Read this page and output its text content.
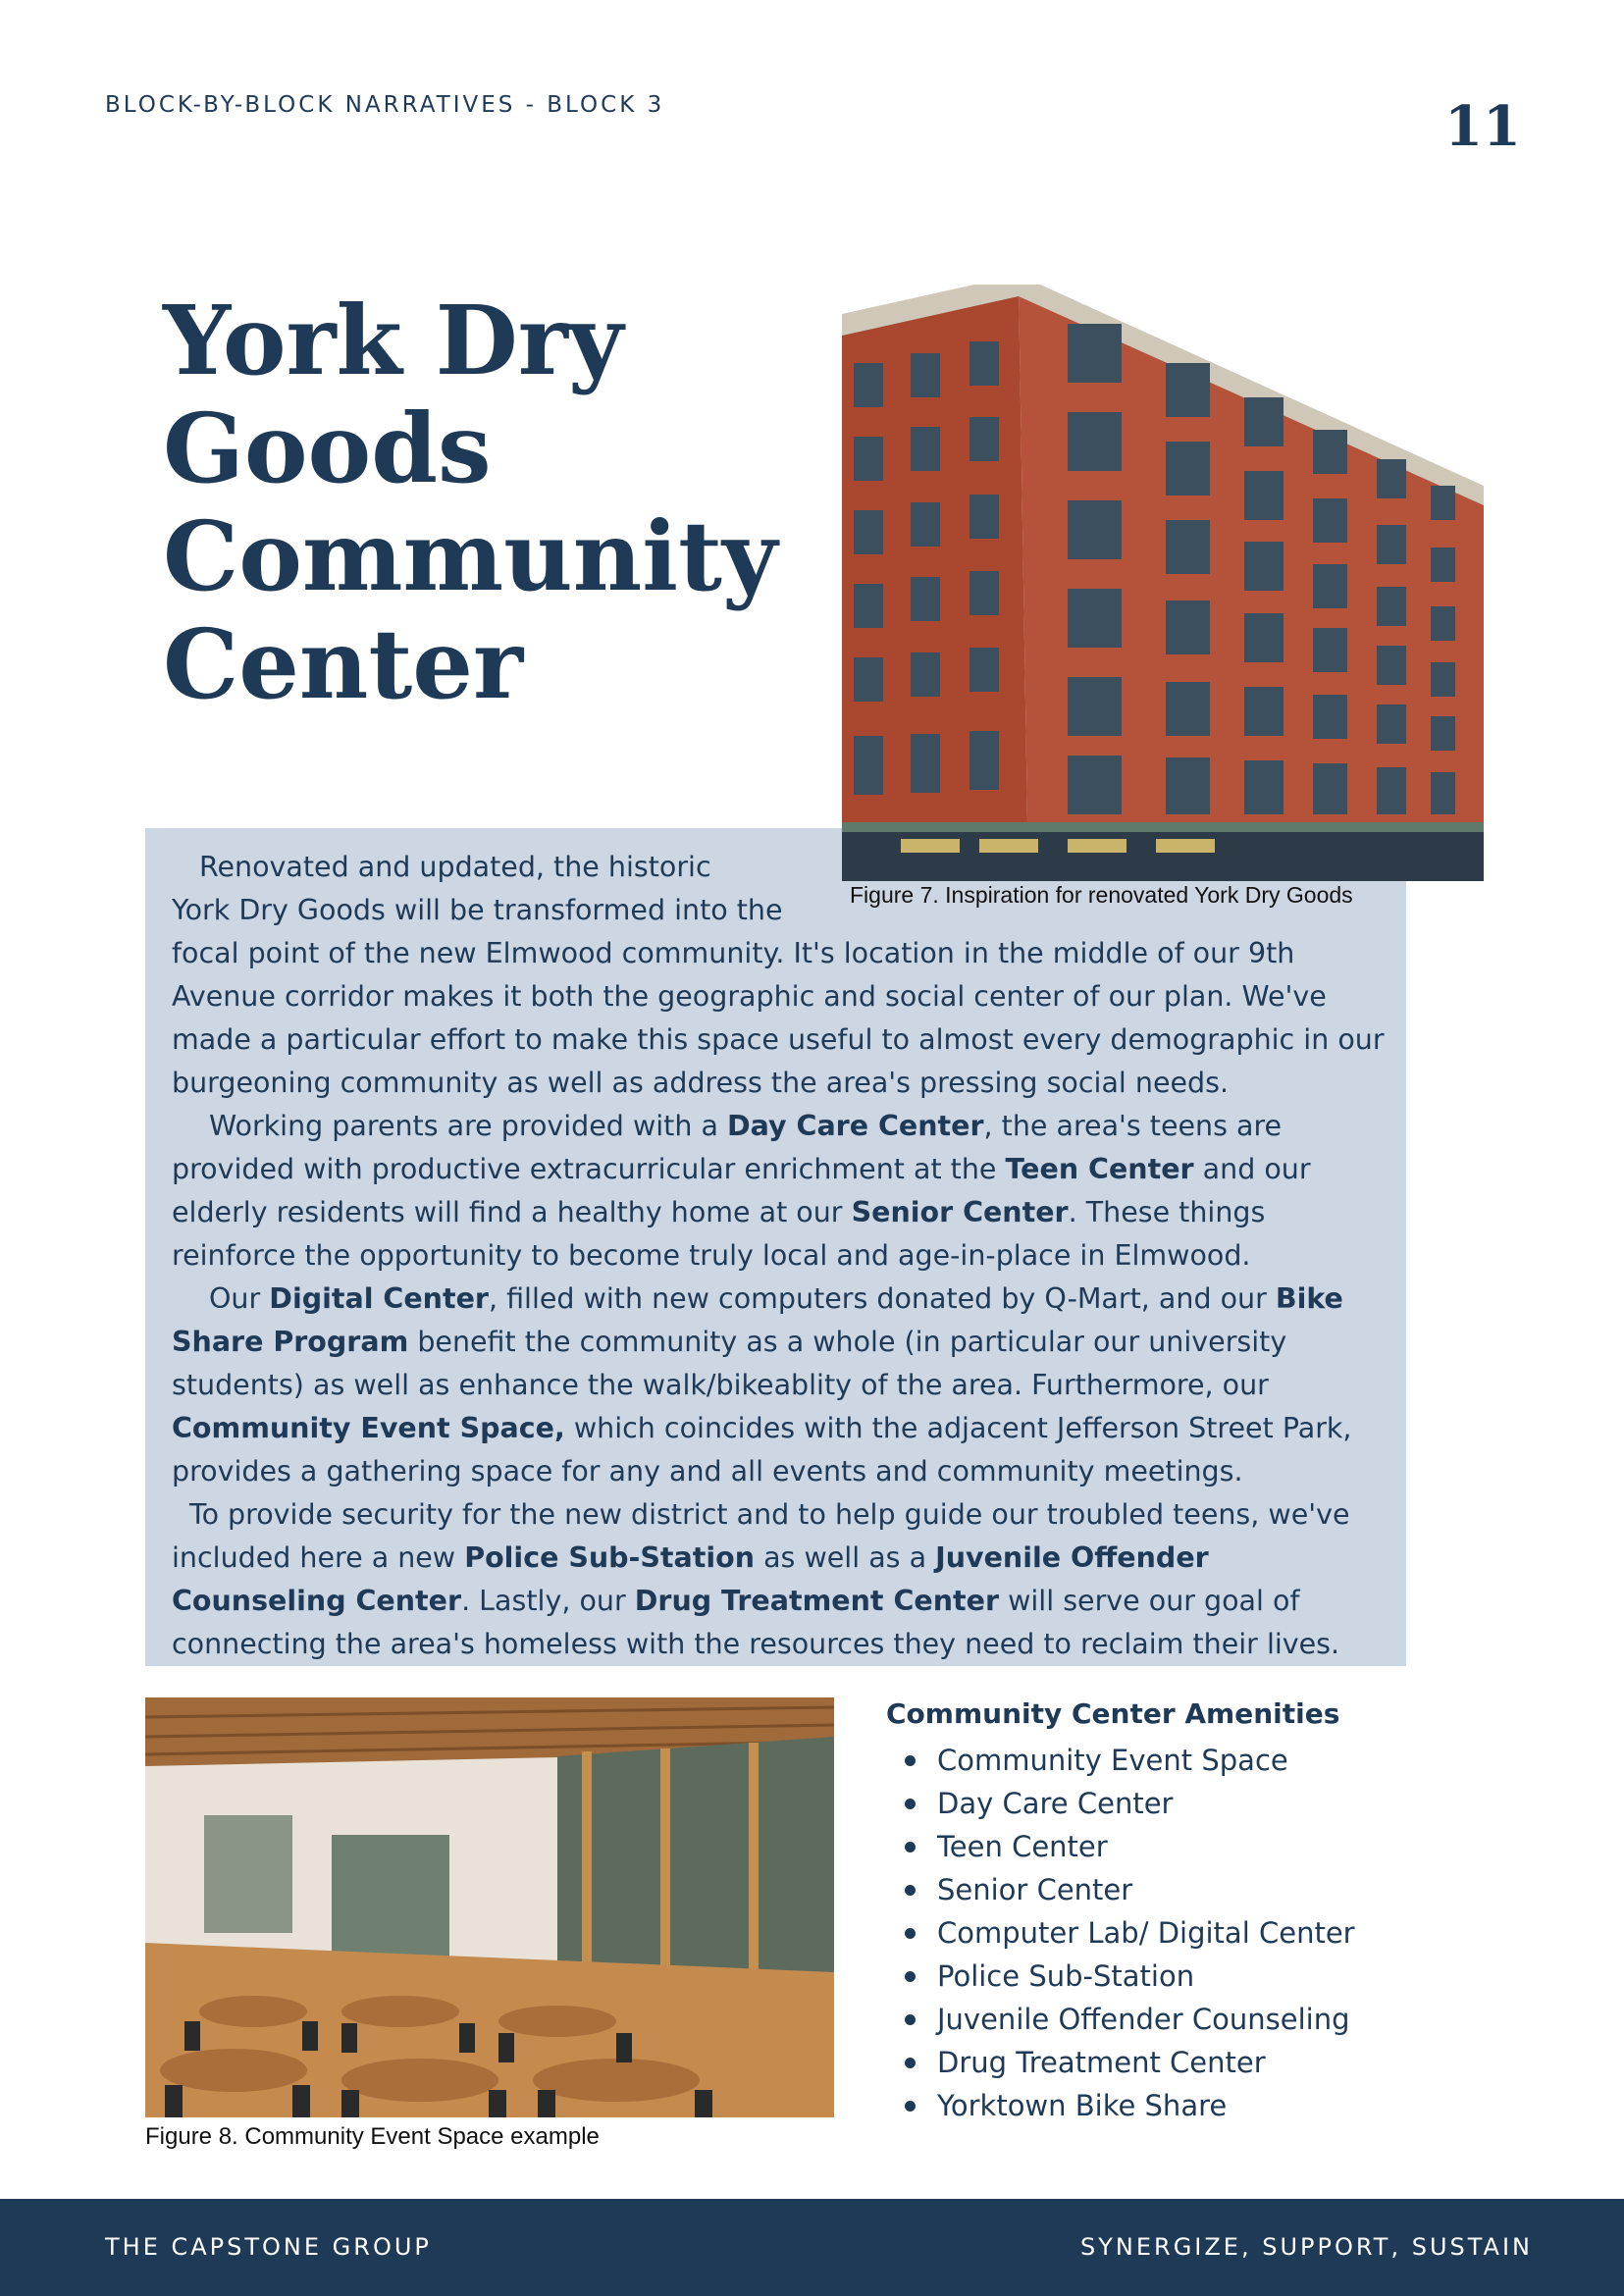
BLOCK-BY-BLOCK NARRATIVES - BLOCK 3	11
York Dry
Goods
Community
Center
Figure 7. Inspiration for renovated York Dry Goods

Renovated and updated, the historic
York Dry Goods will be transformed into the
focal point of the new Elmwood community. It's location in the middle of our 9th Avenue corridor makes it both the geographic and social center of our plan. We've made a particular effort to make this space useful to almost every demographic in our burgeoning community as well as address the area's pressing social needs.
Working parents are provided with a Day Care Center, the area's teens are provided with productive extracurricular enrichment at the Teen Center and our elderly residents will find a healthy home at our Senior Center. These things reinforce the opportunity to become truly local and age-in-place in Elmwood.
Our Digital Center, filled with new computers donated by Q-Mart, and our Bike Share Program benefit the community as a whole (in particular our university students) as well as enhance the walk/bikeablity of the area. Furthermore, our Community Event Space, which coincides with the adjacent Jefferson Street Park, provides a gathering space for any and all events and community meetings.
To provide security for the new district and to help guide our troubled teens, we've included here a new Police Sub-Station as well as a Juvenile Offender Counseling Center. Lastly, our Drug Treatment Center will serve our goal of connecting the area's homeless with the resources they need to reclaim their lives.

Figure 8. Community Event Space example
Community Center Amenities
Community Event Space
Day Care Center
Teen Center
Senior Center
Computer Lab/ Digital Center
Police Sub-Station
Juvenile Offender Counseling
Drug Treatment Center
Yorktown Bike Share
THE CAPSTONE GROUP	SYNERGIZE, SUPPORT, SUSTAIN
